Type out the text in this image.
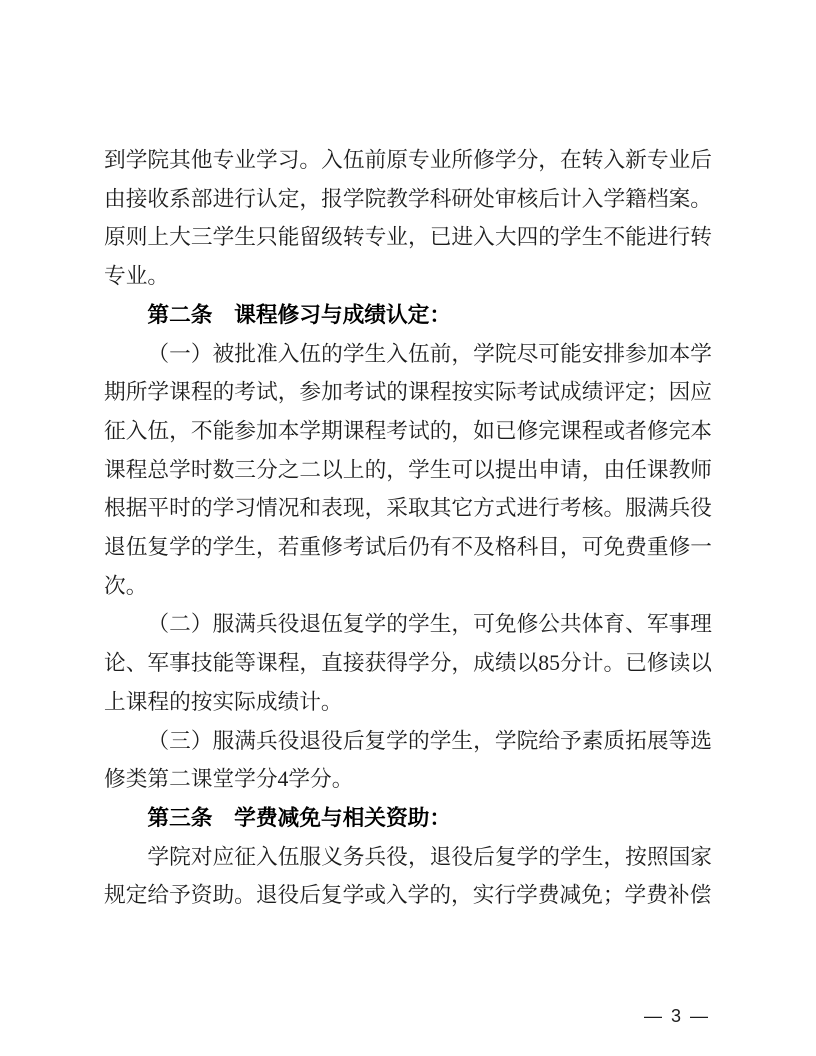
到学院其他专业学习。入伍前原专业所修学分，在转入新专业后由接收系部进行认定，报学院教学科研处审核后计入学籍档案。原则上大三学生只能留级转专业，已进入大四的学生不能进行转专业。

第二条　课程修习与成绩认定：

（一）被批准入伍的学生入伍前，学院尽可能安排参加本学期所学课程的考试，参加考试的课程按实际考试成绩评定；因应征入伍，不能参加本学期课程考试的，如已修完课程或者修完本课程总学时数三分之二以上的，学生可以提出申请，由任课教师根据平时的学习情况和表现，采取其它方式进行考核。服满兵役退伍复学的学生，若重修考试后仍有不及格科目，可免费重修一次。

（二）服满兵役退伍复学的学生，可免修公共体育、军事理论、军事技能等课程，直接获得学分，成绩以85分计。已修读以上课程的按实际成绩计。

（三）服满兵役退役后复学的学生，学院给予素质拓展等选修类第二课堂学分4学分。

第三条　学费减免与相关资助：

学院对应征入伍服义务兵役，退役后复学的学生，按照国家规定给予资助。退役后复学或入学的，实行学费减免；学费补偿

— 3 —
